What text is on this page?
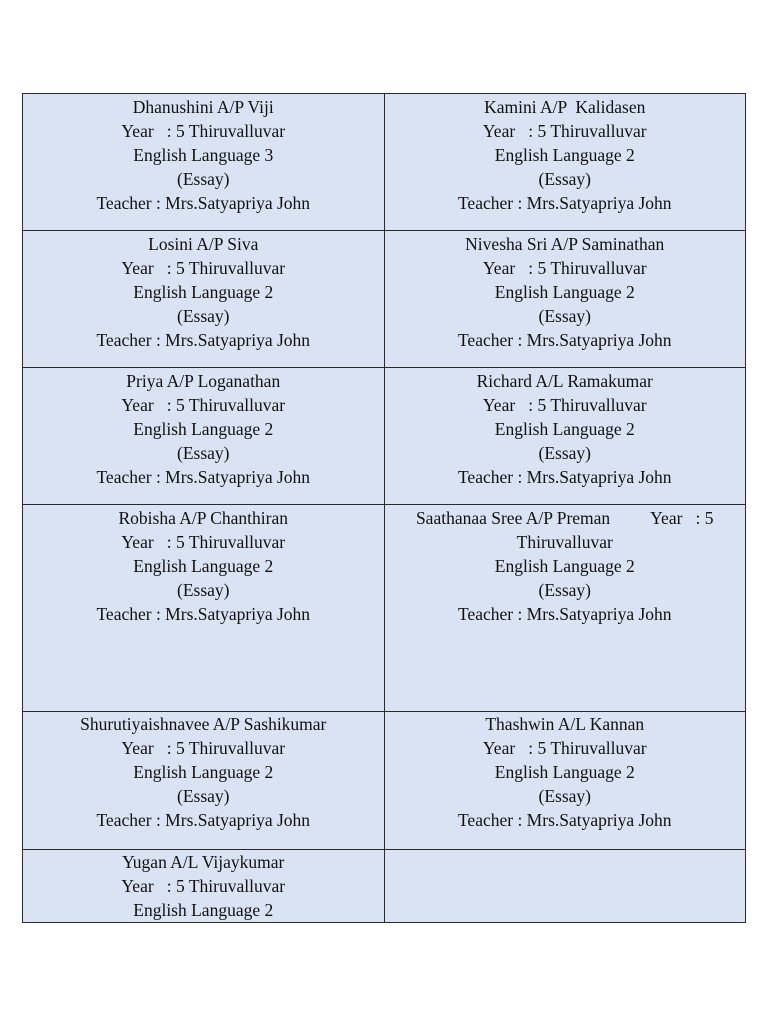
Dhanushini A/P Viji
Year   : 5 Thiruvalluvar
English Language 3
(Essay)
Teacher : Mrs.Satyapriya John	Kamini A/P  Kalidasen
Year   : 5 Thiruvalluvar
English Language 2
(Essay)
Teacher : Mrs.Satyapriya John

Losini A/P Siva
Year   : 5 Thiruvalluvar
English Language 2
(Essay)
Teacher : Mrs.Satyapriya John	Nivesha Sri A/P Saminathan
Year   : 5 Thiruvalluvar
English Language 2
(Essay)
Teacher : Mrs.Satyapriya John

Priya A/P Loganathan
Year   : 5 Thiruvalluvar
English Language 2
(Essay)
Teacher : Mrs.Satyapriya John	Richard A/L Ramakumar
Year   : 5 Thiruvalluvar
English Language 2
(Essay)
Teacher : Mrs.Satyapriya John

Robisha A/P Chanthiran
Year   : 5 Thiruvalluvar
English Language 2
(Essay)
Teacher : Mrs.Satyapriya John	Saathanaa Sree A/P Preman Year   : 5
Thiruvalluvar
English Language 2
(Essay)
Teacher : Mrs.Satyapriya John

Shurutiyaishnavee A/P Sashikumar
Year   : 5 Thiruvalluvar
English Language 2
(Essay)
Teacher : Mrs.Satyapriya John	Thashwin A/L Kannan
Year   : 5 Thiruvalluvar
English Language 2
(Essay)
Teacher : Mrs.Satyapriya John

Yugan A/L Vijaykumar
Year   : 5 Thiruvalluvar
English Language 2	
